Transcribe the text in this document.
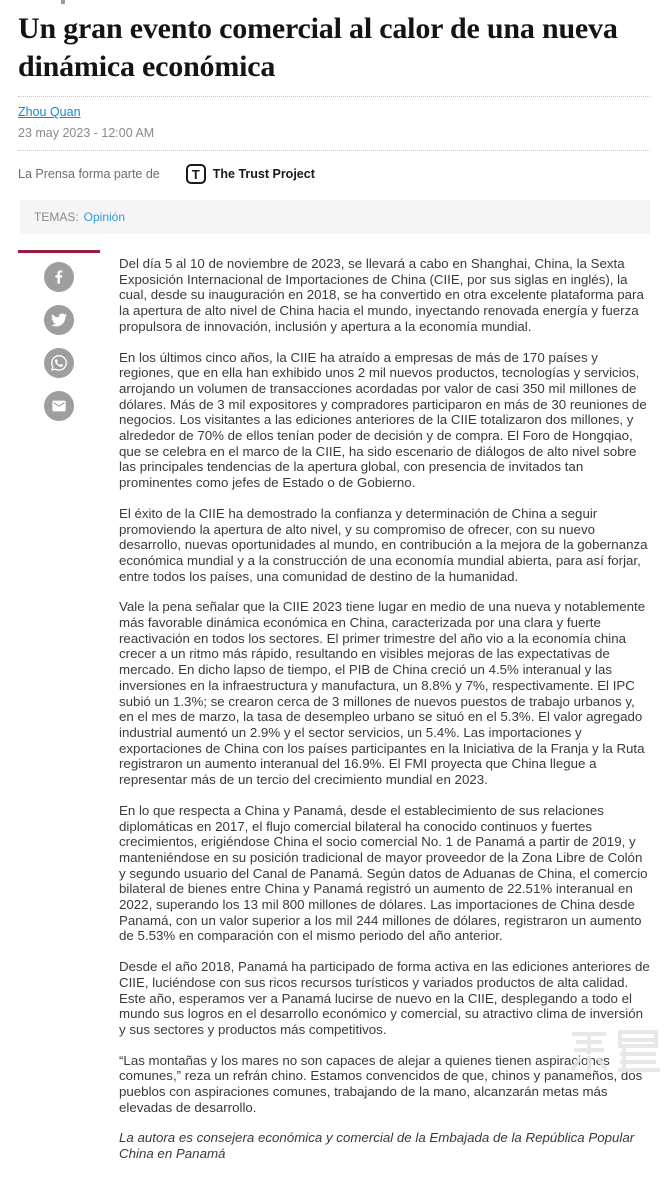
Un gran evento comercial al calor de una nueva dinámica económica
Zhou Quan
23 may 2023 - 12:00 AM
La Prensa forma parte de	T	The Trust Project
TEMAS: Opinión

Del día 5 al 10 de noviembre de 2023, se llevará a cabo en Shanghai, China, la Sexta Exposición Internacional de Importaciones de China (CIIE, por sus siglas en inglés), la cual, desde su inauguración en 2018, se ha convertido en otra excelente plataforma para la apertura de alto nivel de China hacia el mundo, inyectando renovada energía y fuerza propulsora de innovación, inclusión y apertura a la economía mundial.

En los últimos cinco años, la CIIE ha atraído a empresas de más de 170 países y regiones, que en ella han exhibido unos 2 mil nuevos productos, tecnologías y servicios, arrojando un volumen de transacciones acordadas por valor de casi 350 mil millones de dólares. Más de 3 mil expositores y compradores participaron en más de 30 reuniones de negocios. Los visitantes a las ediciones anteriores de la CIIE totalizaron dos millones, y alrededor de 70% de ellos tenían poder de decisión y de compra. El Foro de Hongqiao, que se celebra en el marco de la CIIE, ha sido escenario de diálogos de alto nivel sobre las principales tendencias de la apertura global, con presencia de invitados tan prominentes como jefes de Estado o de Gobierno.

El éxito de la CIIE ha demostrado la confianza y determinación de China a seguir promoviendo la apertura de alto nivel, y su compromiso de ofrecer, con su nuevo desarrollo, nuevas oportunidades al mundo, en contribución a la mejora de la gobernanza económica mundial y a la construcción de una economía mundial abierta, para así forjar, entre todos los países, una comunidad de destino de la humanidad.

Vale la pena señalar que la CIIE 2023 tiene lugar en medio de una nueva y notablemente más favorable dinámica económica en China, caracterizada por una clara y fuerte reactivación en todos los sectores. El primer trimestre del año vio a la economía china crecer a un ritmo más rápido, resultando en visibles mejoras de las expectativas de mercado. En dicho lapso de tiempo, el PIB de China creció un 4.5% interanual y las inversiones en la infraestructura y manufactura, un 8.8% y 7%, respectivamente. El IPC subió un 1.3%; se crearon cerca de 3 millones de nuevos puestos de trabajo urbanos y, en el mes de marzo, la tasa de desempleo urbano se situó en el 5.3%. El valor agregado industrial aumentó un 2.9% y el sector servicios, un 5.4%. Las importaciones y exportaciones de China con los países participantes en la Iniciativa de la Franja y la Ruta registraron un aumento interanual del 16.9%. El FMI proyecta que China llegue a representar más de un tercio del crecimiento mundial en 2023.

En lo que respecta a China y Panamá, desde el establecimiento de sus relaciones diplomáticas en 2017, el flujo comercial bilateral ha conocido continuos y fuertes crecimientos, erigiéndose China el socio comercial No. 1 de Panamá a partir de 2019, y manteniéndose en su posición tradicional de mayor proveedor de la Zona Libre de Colón y segundo usuario del Canal de Panamá. Según datos de Aduanas de China, el comercio bilateral de bienes entre China y Panamá registró un aumento de 22.51% interanual en 2022, superando los 13 mil 800 millones de dólares. Las importaciones de China desde Panamá, con un valor superior a los mil 244 millones de dólares, registraron un aumento de 5.53% en comparación con el mismo periodo del año anterior.

Desde el año 2018, Panamá ha participado de forma activa en las ediciones anteriores de CIIE, luciéndose con sus ricos recursos turísticos y variados productos de alta calidad. Este año, esperamos ver a Panamá lucirse de nuevo en la CIIE, desplegando a todo el mundo sus logros en el desarrollo económico y comercial, su atractivo clima de inversión y sus sectores y productos más competitivos.

“Las montañas y los mares no son capaces de alejar a quienes tienen aspiraciones comunes,” reza un refrán chino. Estamos convencidos de que, chinos y panameños, dos pueblos con aspiraciones comunes, trabajando de la mano, alcanzarán metas más elevadas de desarrollo.

La autora es consejera económica y comercial de la Embajada de la República Popular China en Panamá
